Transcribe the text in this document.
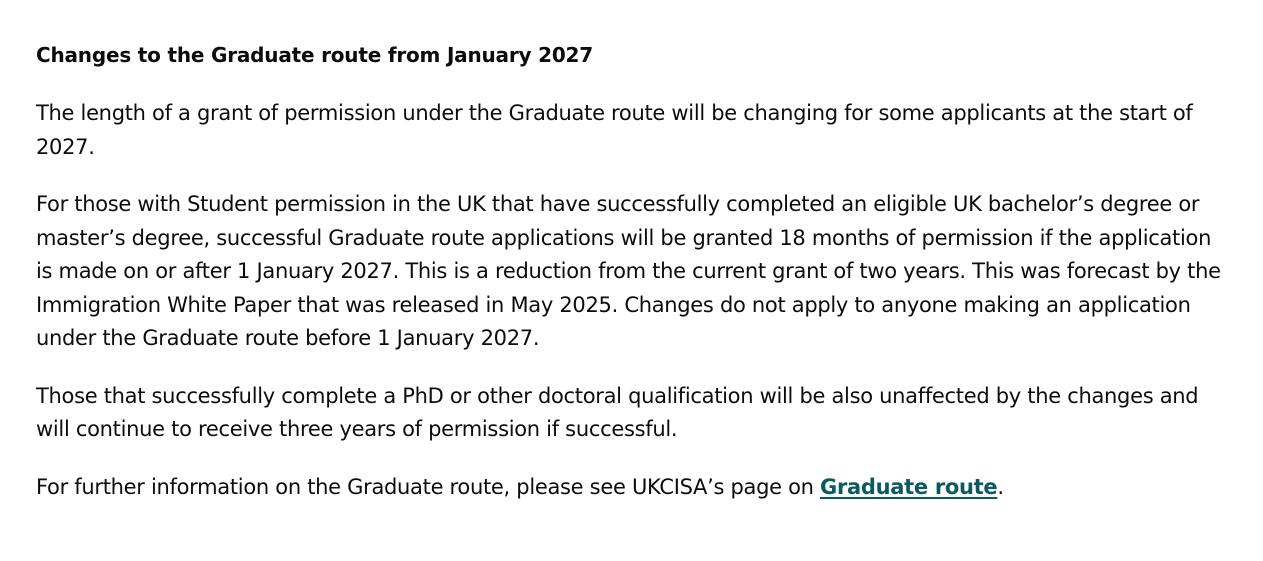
Changes to the Graduate route from January 2027

The length of a grant of permission under the Graduate route will be changing for some applicants at the start of 2027.

For those with Student permission in the UK that have successfully completed an eligible UK bachelor’s degree or master’s degree, successful Graduate route applications will be granted 18 months of permission if the application is made on or after 1 January 2027. This is a reduction from the current grant of two years. This was forecast by the Immigration White Paper that was released in May 2025. Changes do not apply to anyone making an application under the Graduate route before 1 January 2027.

Those that successfully complete a PhD or other doctoral qualification will be also unaffected by the changes and will continue to receive three years of permission if successful.

For further information on the Graduate route, please see UKCISA’s page on Graduate route.
